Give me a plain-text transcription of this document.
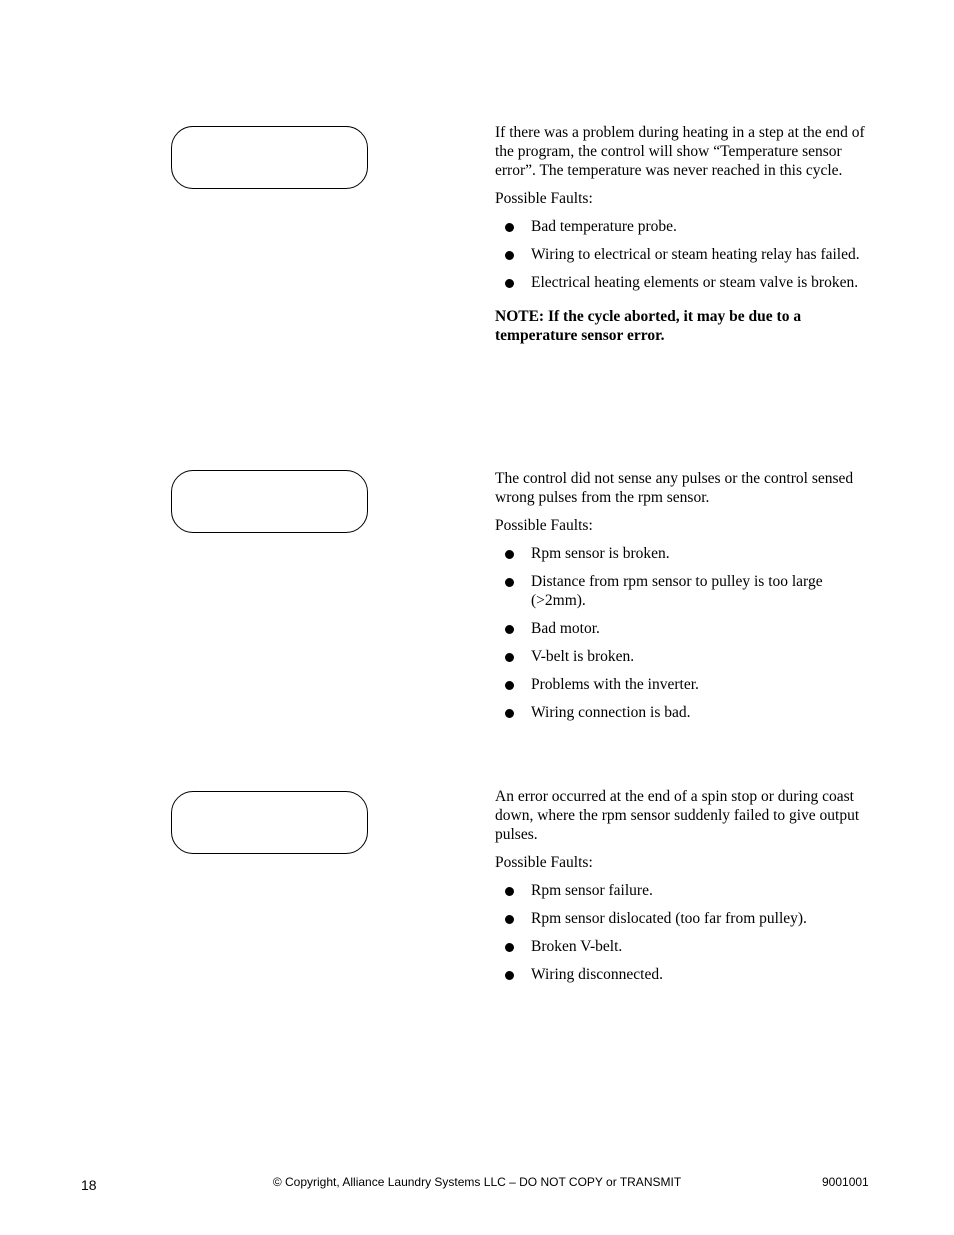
If there was a problem during heating in a step at the end of the program, the control will show “Temperature sensor error”. The temperature was never reached in this cycle.

Possible Faults:

Bad temperature probe.
Wiring to electrical or steam heating relay has failed.
Electrical heating elements or steam valve is broken.

NOTE: If the cycle aborted, it may be due to a temperature sensor error.

The control did not sense any pulses or the control sensed wrong pulses from the rpm sensor.

Possible Faults:

Rpm sensor is broken.
Distance from rpm sensor to pulley is too large (>2mm).
Bad motor.
V-belt is broken.
Problems with the inverter.
Wiring connection is bad.

An error occurred at the end of a spin stop or during coast down, where the rpm sensor suddenly failed to give output pulses.

Possible Faults:

Rpm sensor failure.
Rpm sensor dislocated (too far from pulley).
Broken V-belt.
Wiring disconnected.
18	© Copyright, Alliance Laundry Systems LLC – DO NOT COPY or TRANSMIT	9001001
